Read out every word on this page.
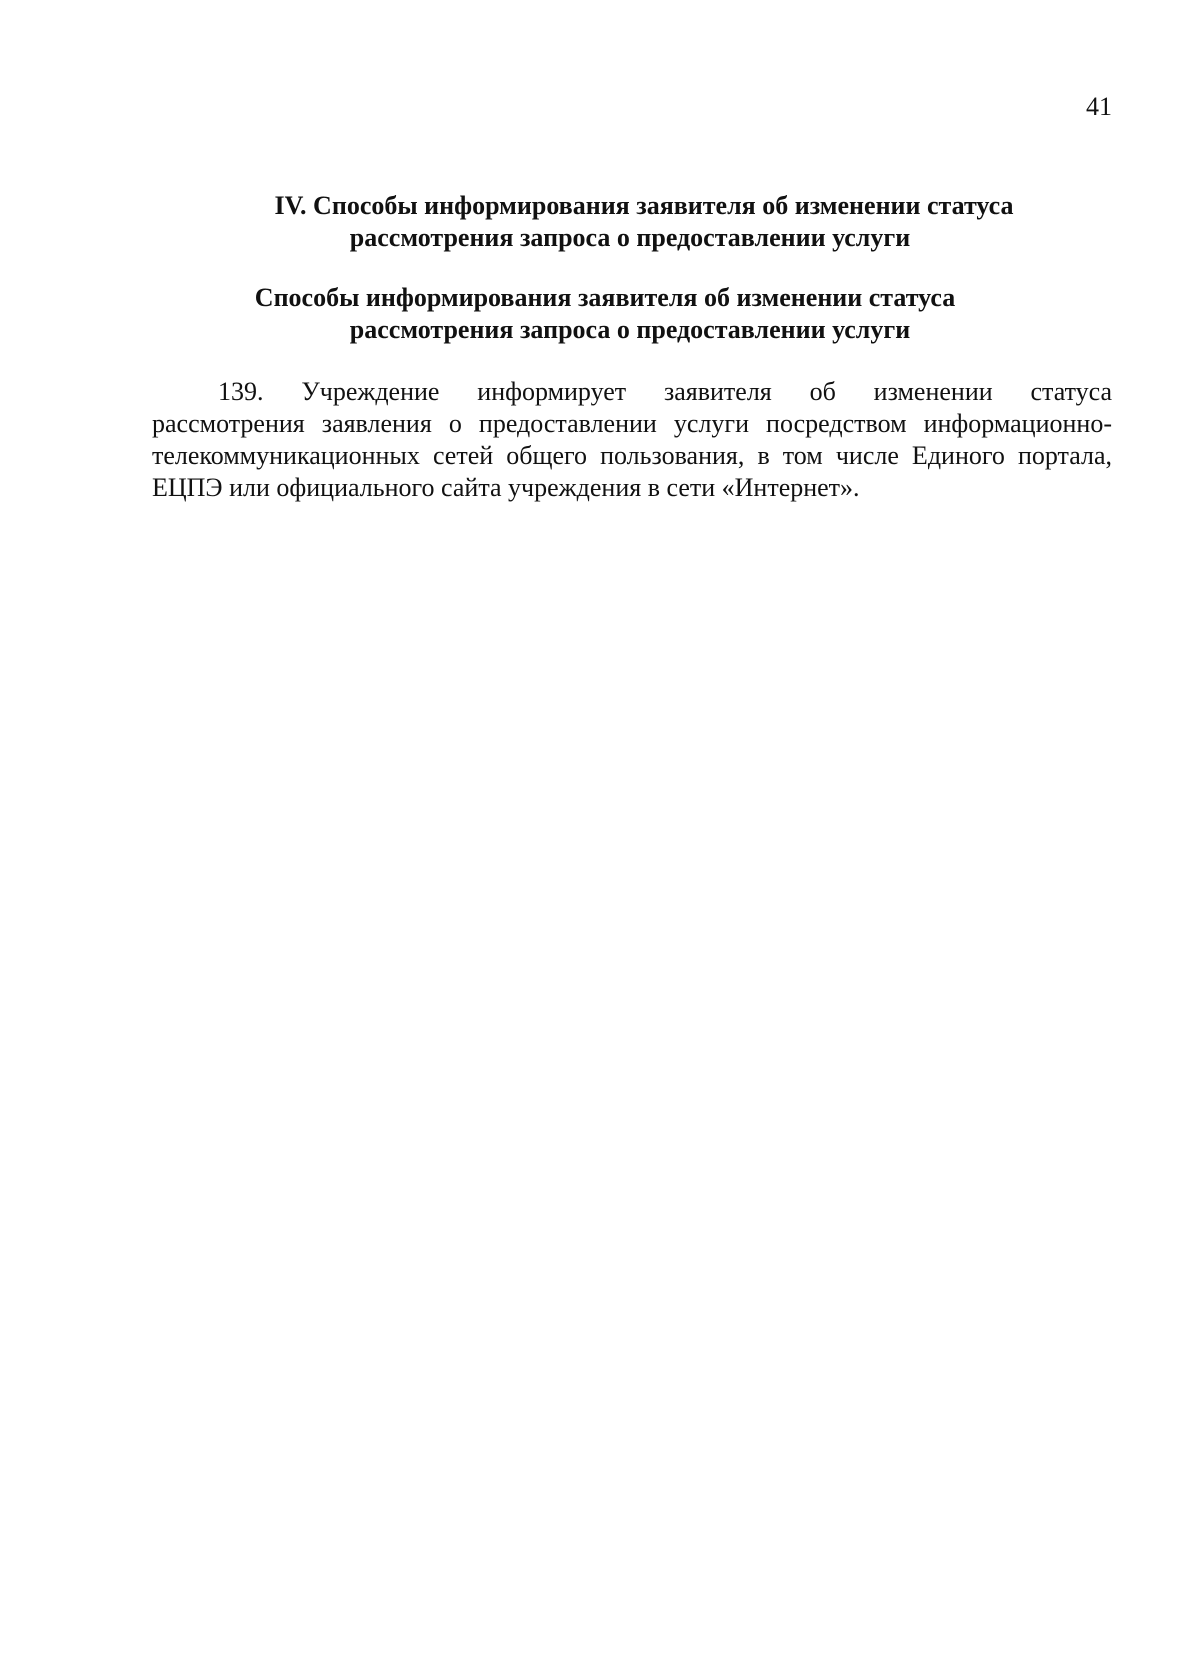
41
IV. Способы информирования заявителя об изменении статуса
рассмотрения запроса о предоставлении услуги
Способы информирования заявителя об изменении статуса
рассмотрения запроса о предоставлении услуги
139. Учреждение информирует заявителя об изменении статуса
рассмотрения заявления о предоставлении услуги посредством информационно-
телекоммуникационных сетей общего пользования, в том числе Единого портала,
ЕЦПЭ или официального сайта учреждения в сети «Интернет».
